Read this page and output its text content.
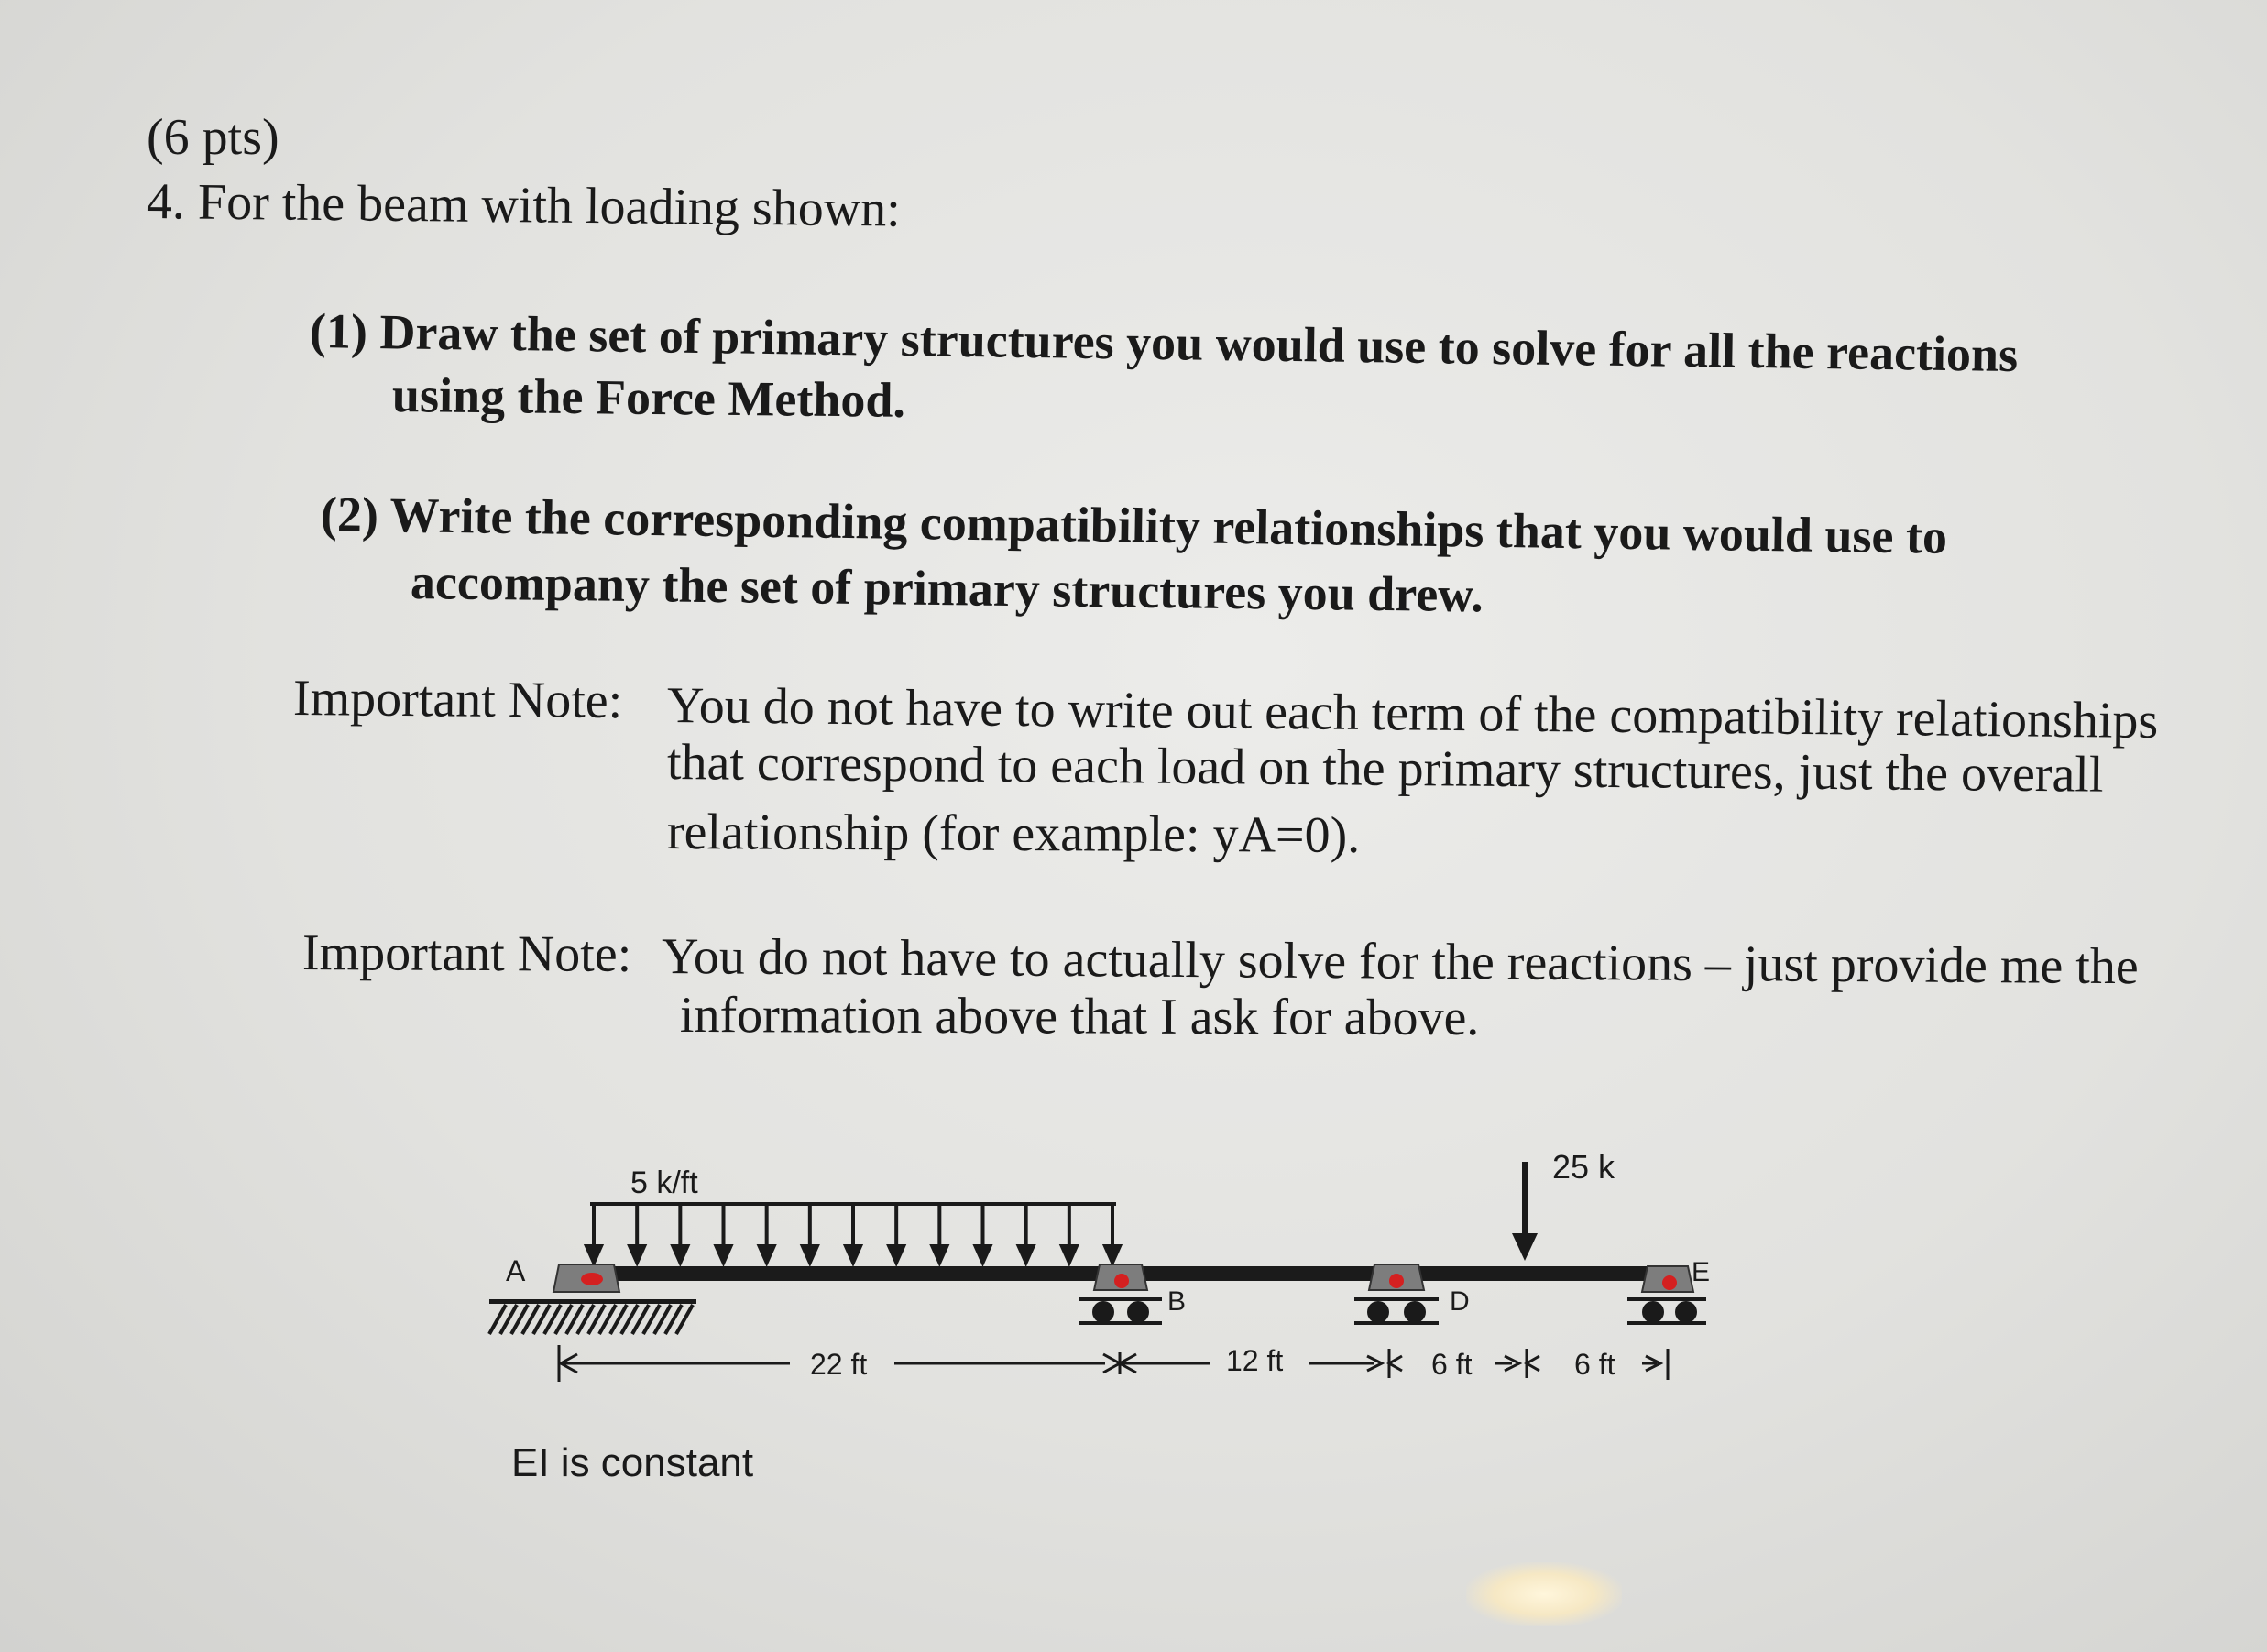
(6 pts)
4. For the beam with loading shown:
(1) Draw the set of primary structures you would use to solve for all the reactions
using the Force Method.
(2) Write the corresponding compatibility relationships that you would use to
accompany the set of primary structures you drew.
Important Note: You do not have to write out each term of the compatibility relationships
that correspond to each load on the primary structures, just the overall
relationship (for example: yA=0).
Important Note: You do not have to actually solve for the reactions – just provide me the
information above that I ask for above.
5 k/ft	25 k
A
B	D
E
22 ft	12 ft	6 ft	6 ft
EI is constant
